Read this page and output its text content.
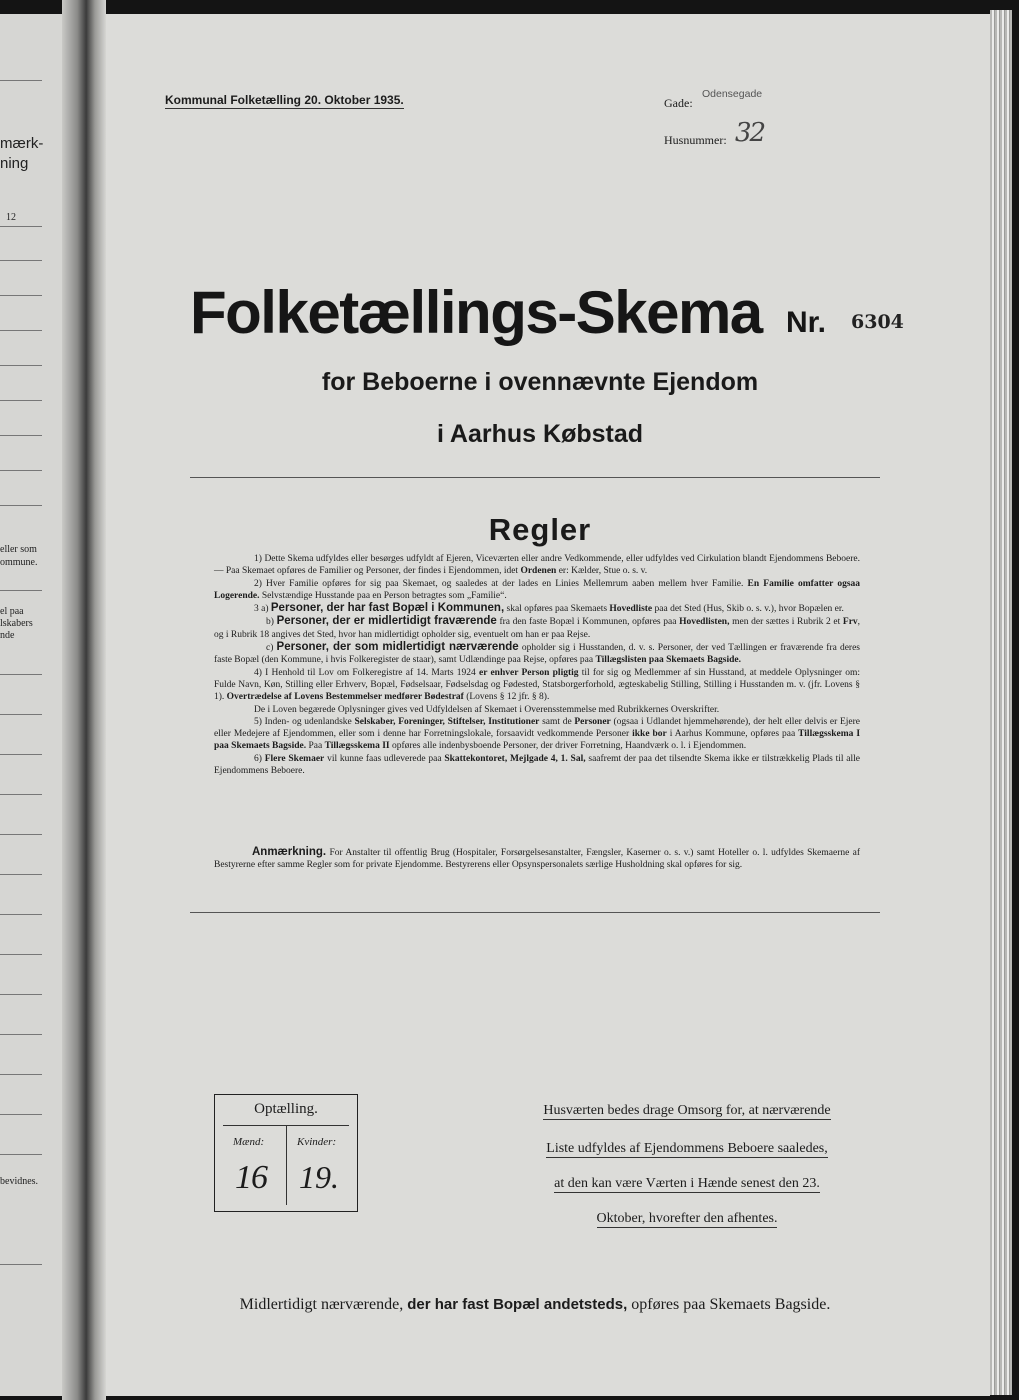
mærk-
ning
12
eller som
ommune.
el paa
lskabers
nde
bevidnes.
Kommunal Folketælling 20. Oktober 1935.	Gade:
Odensegade
Husnummer: 32
Folketællings-Skema Nr. 6304
for Beboerne i ovennævnte Ejendom
i Aarhus Købstad
Regler

1) Dette Skema udfyldes eller besørges udfyldt af Ejeren, Viceværten eller andre Vedkommende, eller udfyldes ved Cirkulation blandt Ejendommens Beboere. — Paa Skemaet opføres de Familier og Personer, der findes i Ejendommen, idet Ordenen er: Kælder, Stue o. s. v.

2) Hver Familie opføres for sig paa Skemaet, og saaledes at der lades en Linies Mellemrum aaben mellem hver Familie. En Familie omfatter ogsaa Logerende. Selvstændige Husstande paa en Person betragtes som „Familie“.

3 a) Personer, der har fast Bopæl i Kommunen, skal opføres paa Skemaets Hovedliste paa det Sted (Hus, Skib o. s. v.), hvor Bopælen er.

b) Personer, der er midlertidigt fraværende fra den faste Bopæl i Kommunen, opføres paa Hovedlisten, men der sættes i Rubrik 2 et Frv, og i Rubrik 18 angives det Sted, hvor han midlertidigt opholder sig, eventuelt om han er paa Rejse.

c) Personer, der som midlertidigt nærværende opholder sig i Husstanden, d. v. s. Personer, der ved Tællingen er fraværende fra deres faste Bopæl (den Kommune, i hvis Folkeregister de staar), samt Udlændinge paa Rejse, opføres paa Tillægslisten paa Skemaets Bagside.

4) I Henhold til Lov om Folkeregistre af 14. Marts 1924 er enhver Person pligtig til for sig og Medlemmer af sin Husstand, at meddele Oplysninger om: Fulde Navn, Køn, Stilling eller Erhverv, Bopæl, Fødselsaar, Fødselsdag og Fødested, Statsborgerforhold, ægteskabelig Stilling, Stilling i Husstanden m. v. (jfr. Lovens § 1). Overtrædelse af Lovens Bestemmelser medfører Bødestraf (Lovens § 12 jfr. § 8).

De i Loven begærede Oplysninger gives ved Udfyldelsen af Skemaet i Overensstemmelse med Rubrikkernes Overskrifter.

5) Inden- og udenlandske Selskaber, Foreninger, Stiftelser, Institutioner samt de Personer (ogsaa i Udlandet hjemmehørende), der helt eller delvis er Ejere eller Medejere af Ejendommen, eller som i denne har Forretningslokale, forsaavidt vedkommende Personer ikke bor i Aarhus Kommune, opføres paa Tillægsskema I paa Skemaets Bagside. Paa Tillægsskema II opføres alle indenbysboende Personer, der driver Forretning, Haandværk o. l. i Ejendommen.

6) Flere Skemaer vil kunne faas udleverede paa Skattekontoret, Mejlgade 4, 1. Sal, saafremt der paa det tilsendte Skema ikke er tilstrækkelig Plads til alle Ejendommens Beboere.

Anmærkning. For Anstalter til offentlig Brug (Hospitaler, Forsørgelsesanstalter, Fængsler, Kaserner o. s. v.) samt Hoteller o. l. udfyldes Skemaerne af Bestyrerne efter samme Regler som for private Ejendomme. Bestyrerens eller Opsynspersonalets særlige Husholdning skal opføres for sig.
Optælling.
Mænd:	Kvinder:
16 19.
Husværten bedes drage Omsorg for, at nærværende
Liste udfyldes af Ejendommens Beboere saaledes,
at den kan være Værten i Hænde senest den 23.
Oktober, hvorefter den afhentes.
Midlertidigt nærværende, der har fast Bopæl andetsteds, opføres paa Skemaets Bagside.
